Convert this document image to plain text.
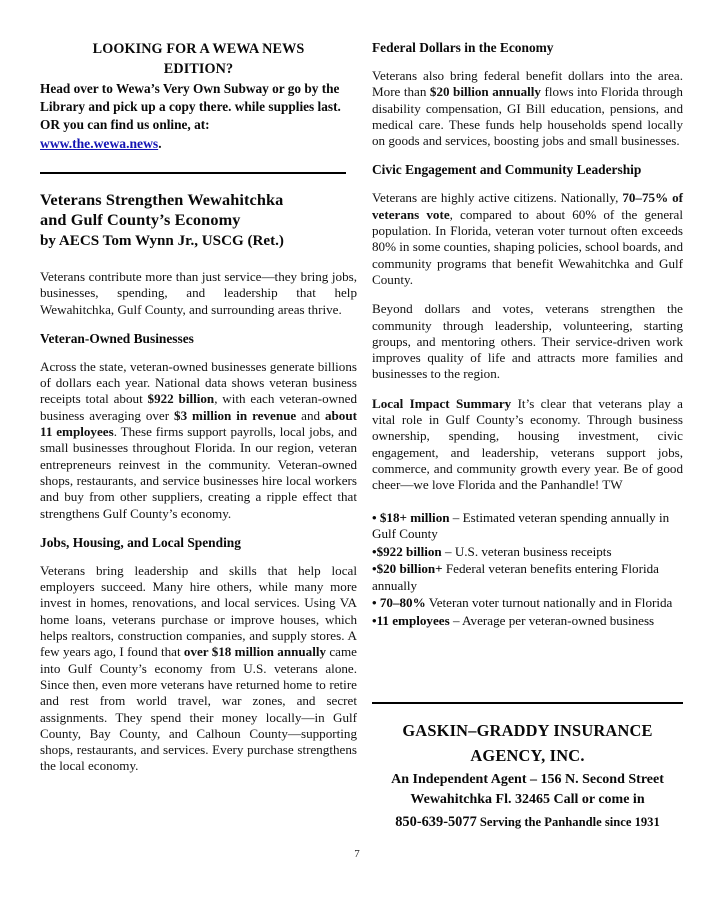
LOOKING FOR A WEWA NEWS
EDITION?

Head over to Wewa’s Very Own Subway or go by the Library and pick up a copy there. while supplies last. OR you can find us online, at:
www.the.wewa.news.

Veterans Strengthen Wewahitchka
and Gulf County’s Economy
by AECS Tom Wynn Jr., USCG (Ret.)

Veterans contribute more than just service—they bring jobs, businesses, spending, and leadership that help Wewahitchka, Gulf County, and surrounding areas thrive.

Veteran-Owned Businesses

Across the state, veteran-owned businesses generate billions of dollars each year. National data shows veteran business receipts total about $922 billion, with each veteran-owned business averaging over $3 million in revenue and about 11 employees. These firms support payrolls, local jobs, and small businesses throughout Florida. In our region, veteran entrepreneurs reinvest in the community. Veteran-owned shops, restaurants, and service businesses hire local workers and buy from other suppliers, creating a ripple effect that strengthens Gulf County’s economy.

Jobs, Housing, and Local Spending

Veterans bring leadership and skills that help local employers succeed. Many hire others, while many more invest in homes, renovations, and local services. Using VA home loans, veterans purchase or improve houses, which helps realtors, construction companies, and supply stores. A few years ago, I found that over $18 million annually came into Gulf County’s economy from U.S. veterans alone. Since then, even more veterans have returned home to retire and rest from world travel, war zones, and secret assignments. They spend their money locally—in Gulf County, Bay County, and Calhoun County—supporting shops, restaurants, and services. Every purchase strengthens the local economy.

Federal Dollars in the Economy

Veterans also bring federal benefit dollars into the area. More than $20 billion annually flows into Florida through disability compensation, GI Bill education, pensions, and medical care. These funds help households spend locally on goods and services, boosting jobs and small businesses.

Civic Engagement and Community Leadership

Veterans are highly active citizens. Nationally, 70–75% of veterans vote, compared to about 60% of the general population. In Florida, veteran voter turnout often exceeds 80% in some counties, shaping policies, school boards, and community programs that benefit Wewahitchka and Gulf County.

Beyond dollars and votes, veterans strengthen the community through leadership, volunteering, starting groups, and mentoring others. Their service-driven work improves quality of life and attracts more families and businesses to the region.

Local Impact Summary It’s clear that veterans play a vital role in Gulf County’s economy. Through business ownership, spending, housing investment, civic engagement, and leadership, veterans support jobs, commerce, and community growth every year. Be of good cheer—we love Florida and the Panhandle! TW

• $18+ million – Estimated veteran spending annually in Gulf County
•$922 billion – U.S. veteran business receipts
•$20 billion+ Federal veteran benefits entering Florida annually
• 70–80% Veteran voter turnout nationally and in Florida
•11 employees – Average per veteran-owned business
GASKIN–GRADDY INSURANCE
AGENCY, INC.
An Independent Agent – 156 N. Second Street
Wewahitchka Fl. 32465 Call or come in
850-639-5077 Serving the Panhandle since 1931
7
